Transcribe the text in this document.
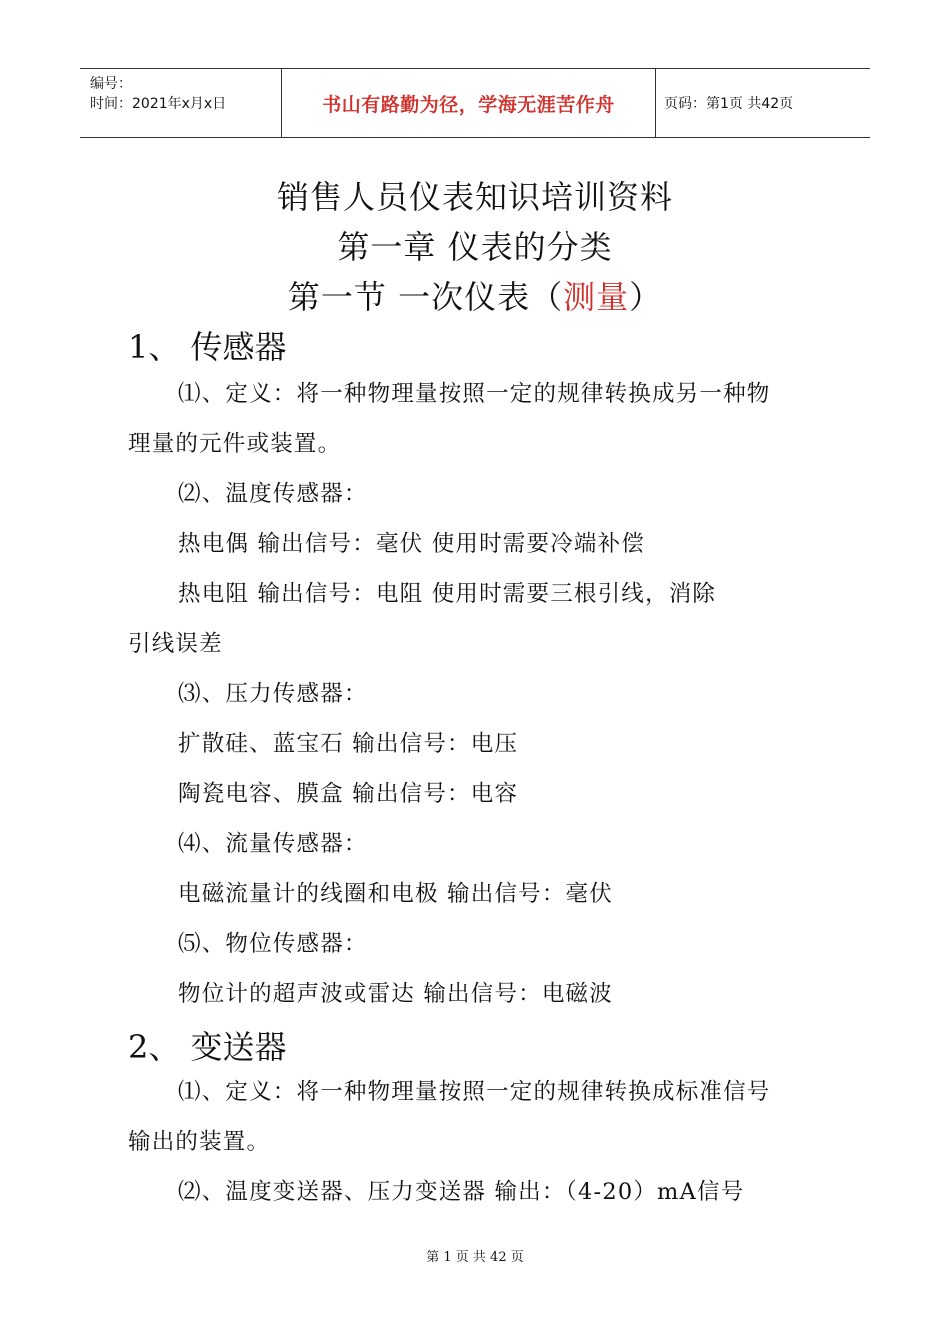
编号：
时间：2021年x月x日	书山有路勤为径，学海无涯苦作舟	页码：第1页 共42页
销售人员仪表知识培训资料
第一章 仪表的分类
第一节 一次仪表（测量）
1、 传感器
⑴、定义：将一种物理量按照一定的规律转换成另一种物
理量的元件或装置。
⑵、温度传感器：
热电偶 输出信号：毫伏 使用时需要冷端补偿
热电阻 输出信号：电阻 使用时需要三根引线，消除
引线误差
⑶、压力传感器：
扩散硅、蓝宝石 输出信号：电压
陶瓷电容、膜盒 输出信号：电容
⑷、流量传感器：
电磁流量计的线圈和电极 输出信号：毫伏
⑸、物位传感器：
物位计的超声波或雷达 输出信号：电磁波
2、 变送器
⑴、定义：将一种物理量按照一定的规律转换成标准信号
输出的装置。
⑵、温度变送器、压力变送器 输出：（4-20）mA信号
第 1 页 共 42 页
